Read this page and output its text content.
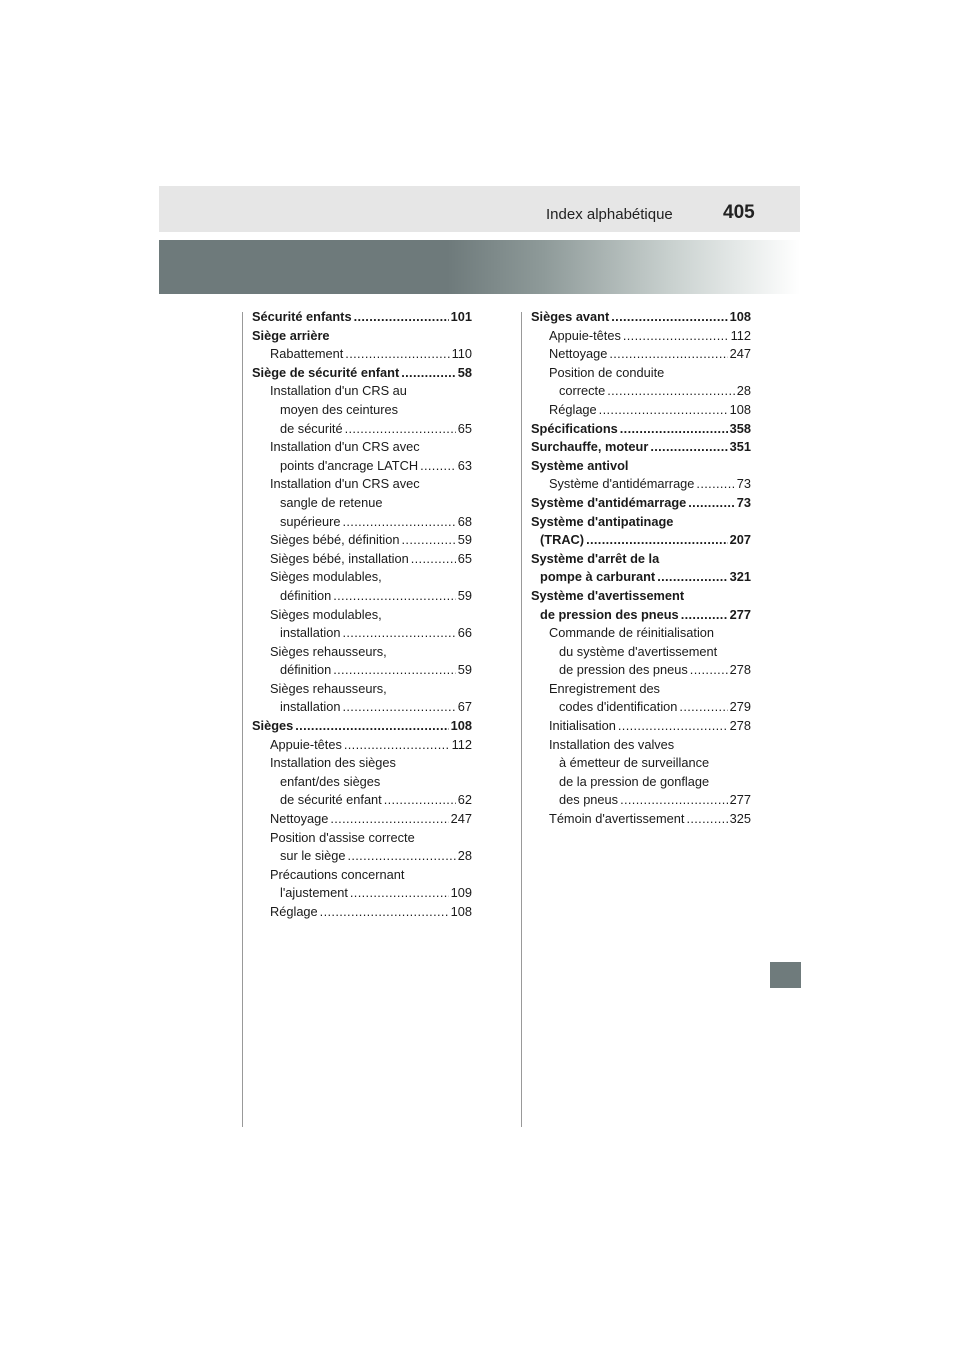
Index alphabétique	405
Sécurité enfants . . .	101
Siège arrière
Rabattement . . .	110
Siège de sécurité enfant . . .	58
Installation d'un CRS au
moyen des ceintures
de sécurité . . .	65
Installation d'un CRS avec
points d'ancrage LATCH . . .	63
Installation d'un CRS avec
sangle de retenue
supérieure . . .	68
Sièges bébé, définition . . .	59
Sièges bébé, installation . . .	65
Sièges modulables,
définition . . .	59
Sièges modulables,
installation . . .	66
Sièges rehausseurs,
définition . . .	59
Sièges rehausseurs,
installation . . .	67
Sièges . . .	108
Appuie-têtes . . .	112
Installation des sièges
enfant/des sièges
de sécurité enfant . . .	62
Nettoyage . . .	247
Position d'assise correcte
sur le siège . . .	28
Précautions concernant
l'ajustement . . .	109
Réglage . . .	108
Sièges avant . . .	108
Appuie-têtes . . .	112
Nettoyage . . .	247
Position de conduite
correcte . . .	28
Réglage . . .	108
Spécifications . . .	358
Surchauffe, moteur . . .	351
Système antivol
Système d'antidémarrage . . .	73
Système d'antidémarrage . . .	73
Système d'antipatinage
(TRAC) . . .	207
Système d'arrêt de la
pompe à carburant . . .	321
Système d'avertissement
de pression des pneus . . .	277
Commande de réinitialisation
du système d'avertissement
de pression des pneus . . .	278
Enregistrement des
codes d'identification . . .	279
Initialisation . . .	278
Installation des valves
à émetteur de surveillance
de la pression de gonflage
des pneus . . .	277
Témoin d'avertissement . . .	325
